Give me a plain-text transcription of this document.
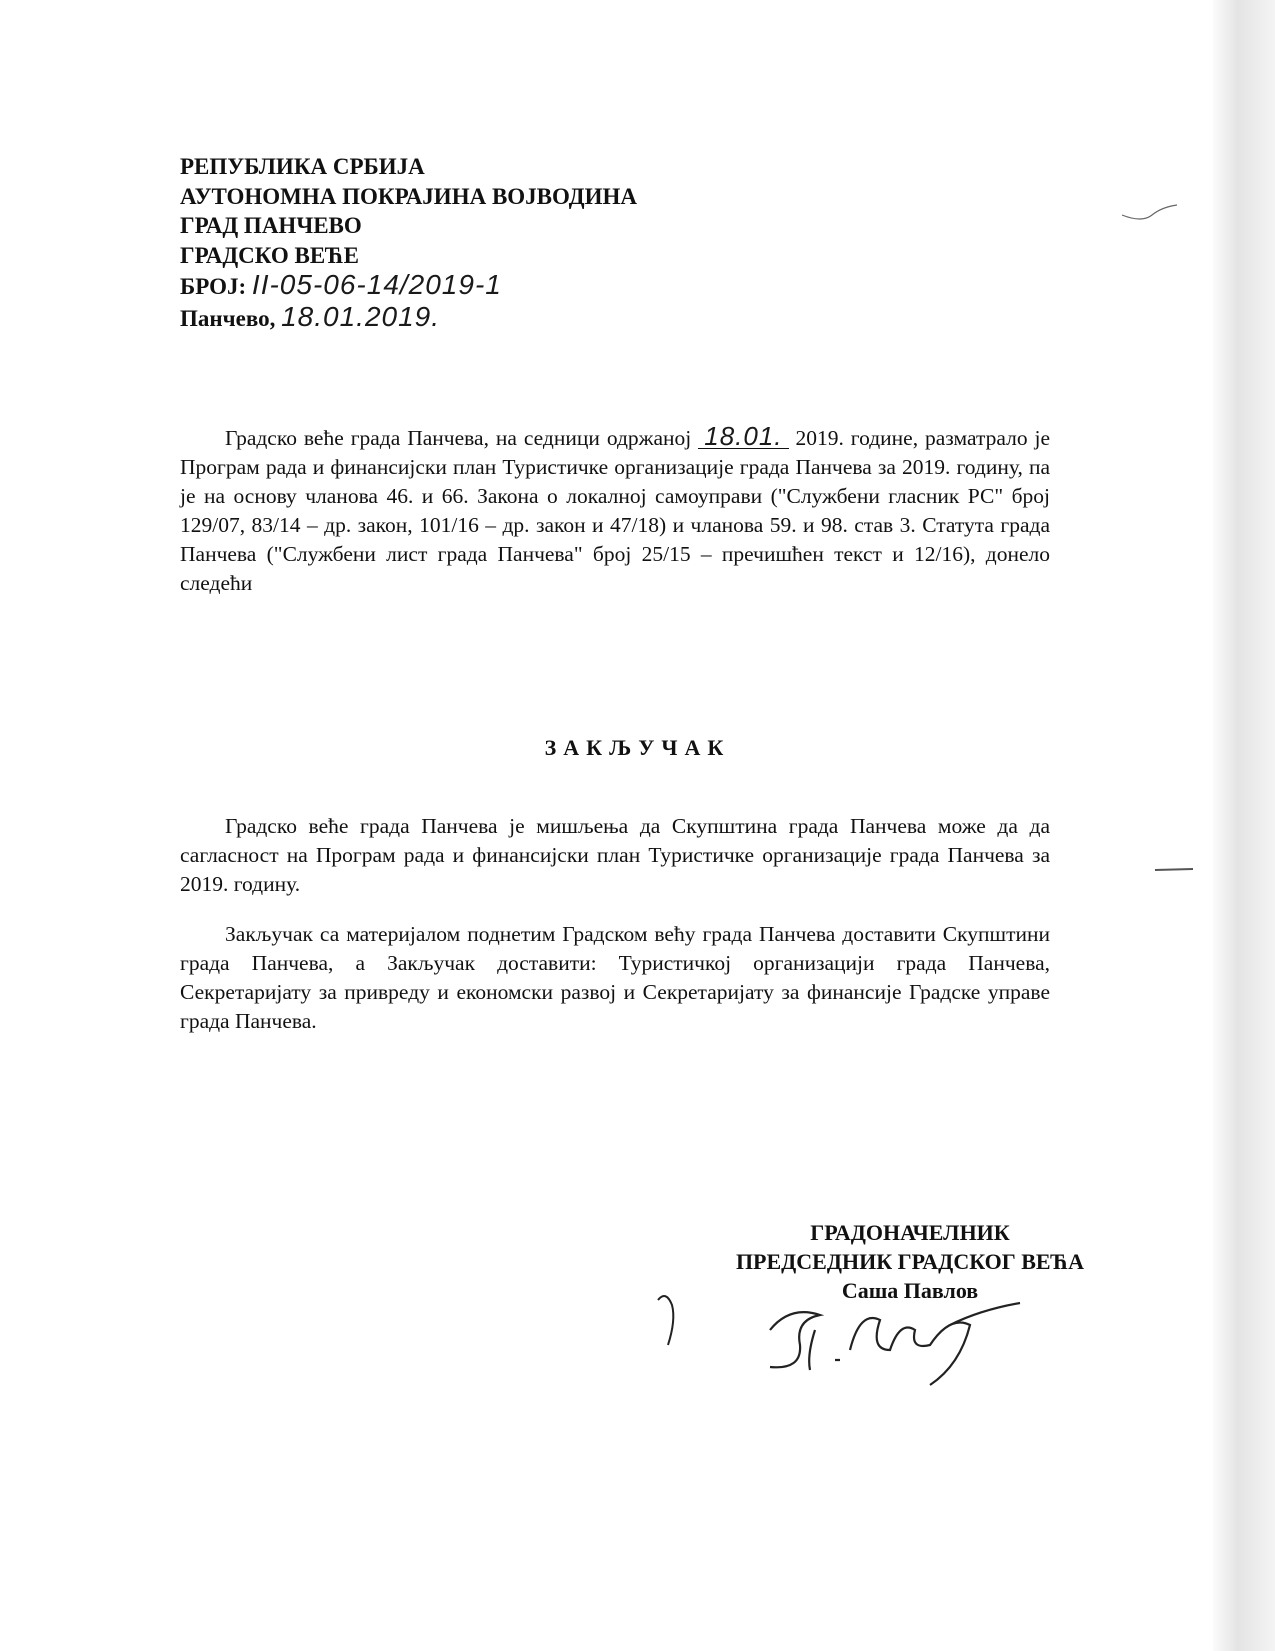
РЕПУБЛИКА СРБИЈА
АУТОНОМНА ПОКРАЈИНА ВОЈВОДИНА
ГРАД ПАНЧЕВО
ГРАДСКО ВЕЋЕ
БРОЈ: II-05-06-14/2019-1
Панчево, 18.01.2019.
Градско веће града Панчева, на седници одржаној 18.01. 2019. године, разматрало је Програм рада и финансијски план Туристичке организације града Панчева за 2019. годину, па је на основу чланова 46. и 66. Закона о локалној самоуправи ("Службени гласник РС" број 129/07, 83/14 – др. закон, 101/16 – др. закон и 47/18) и чланова 59. и 98. став 3. Статута града Панчева ("Службени лист града Панчева" број 25/15 – пречишћен текст и 12/16), донело следећи
ЗАКЉУЧАК
Градско веће града Панчева је мишљења да Скупштина града Панчева може да да сагласност на Програм рада и финансијски план Туристичке организације града Панчева за 2019. годину.
Закључак са материјалом поднетим Градском већу града Панчева доставити Скупштини града Панчева, а Закључак доставити: Туристичкој организацији града Панчева, Секретаријату за привреду и економски развој и Секретаријату за финансије Градске управе града Панчева.
ГРАДОНАЧЕЛНИК
ПРЕДСЕДНИК ГРАДСКОГ ВЕЋА
Саша Павлов
